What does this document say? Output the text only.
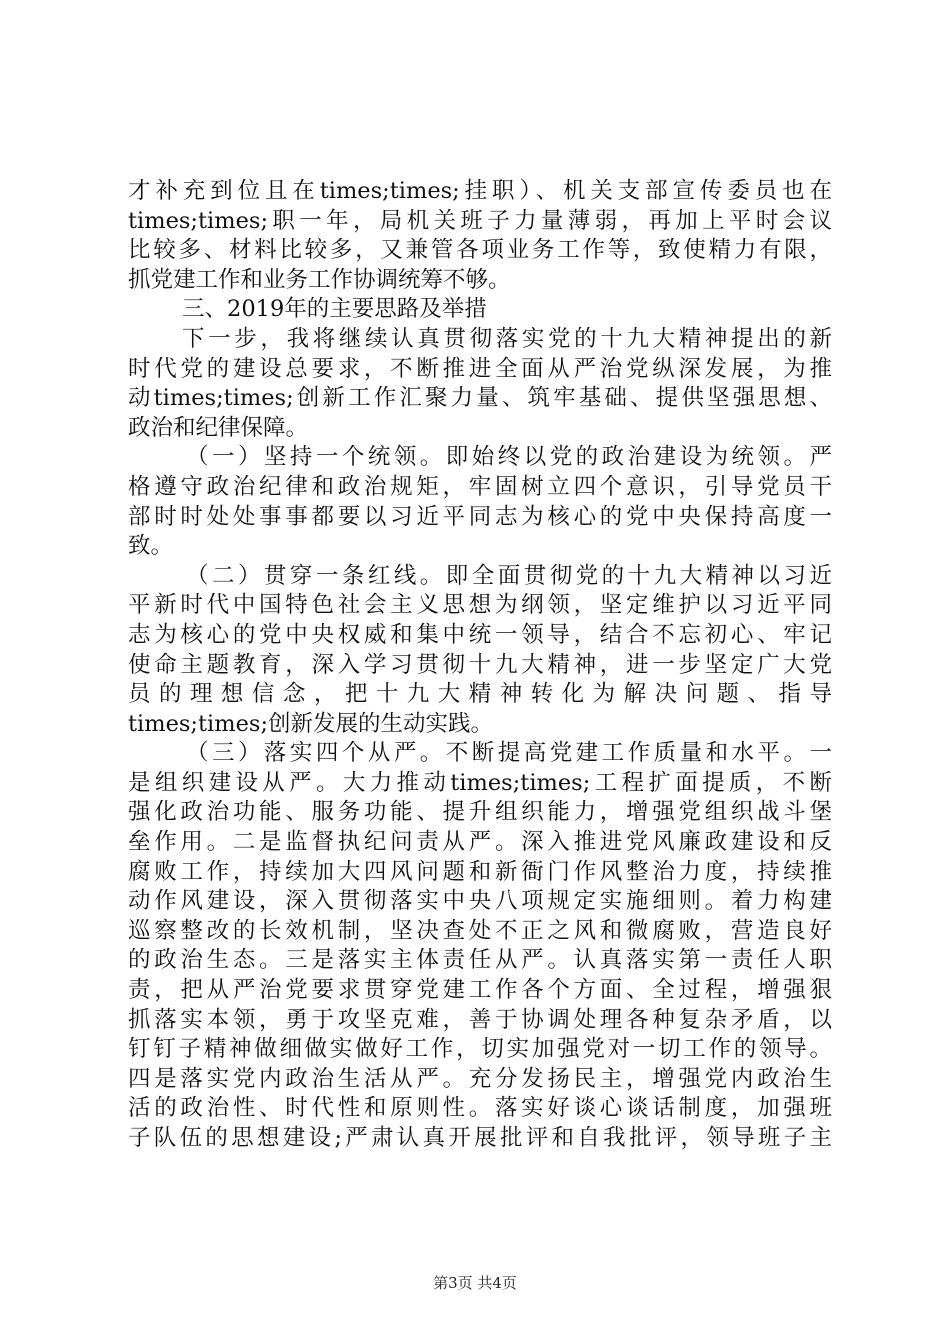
才补充到位且在times;times;挂职）、机关支部宣传委员也在
times;times;职一年，局机关班子力量薄弱，再加上平时会议
比较多、材料比较多，又兼管各项业务工作等，致使精力有限，
抓党建工作和业务工作协调统筹不够。
三、2019年的主要思路及举措
下一步，我将继续认真贯彻落实党的十九大精神提出的新
时代党的建设总要求，不断推进全面从严治党纵深发展，为推
动times;times;创新工作汇聚力量、筑牢基础、提供坚强思想、
政治和纪律保障。
（一）坚持一个统领。即始终以党的政治建设为统领。严
格遵守政治纪律和政治规矩，牢固树立四个意识，引导党员干
部时时处处事事都要以习近平同志为核心的党中央保持高度一
致。
（二）贯穿一条红线。即全面贯彻党的十九大精神以习近
平新时代中国特色社会主义思想为纲领，坚定维护以习近平同
志为核心的党中央权威和集中统一领导，结合不忘初心、牢记
使命主题教育，深入学习贯彻十九大精神，进一步坚定广大党
员的理想信念，把十九大精神转化为解决问题、指导
times;times;创新发展的生动实践。
（三）落实四个从严。不断提高党建工作质量和水平。一
是组织建设从严。大力推动times;times;工程扩面提质，不断
强化政治功能、服务功能、提升组织能力，增强党组织战斗堡
垒作用。二是监督执纪问责从严。深入推进党风廉政建设和反
腐败工作，持续加大四风问题和新衙门作风整治力度，持续推
动作风建设，深入贯彻落实中央八项规定实施细则。着力构建
巡察整改的长效机制，坚决查处不正之风和微腐败，营造良好
的政治生态。三是落实主体责任从严。认真落实第一责任人职
责，把从严治党要求贯穿党建工作各个方面、全过程，增强狠
抓落实本领，勇于攻坚克难，善于协调处理各种复杂矛盾，以
钉钉子精神做细做实做好工作，切实加强党对一切工作的领导。
四是落实党内政治生活从严。充分发扬民主，增强党内政治生
活的政治性、时代性和原则性。落实好谈心谈话制度，加强班
子队伍的思想建设;严肃认真开展批评和自我批评，领导班子主
第3页 共4页
